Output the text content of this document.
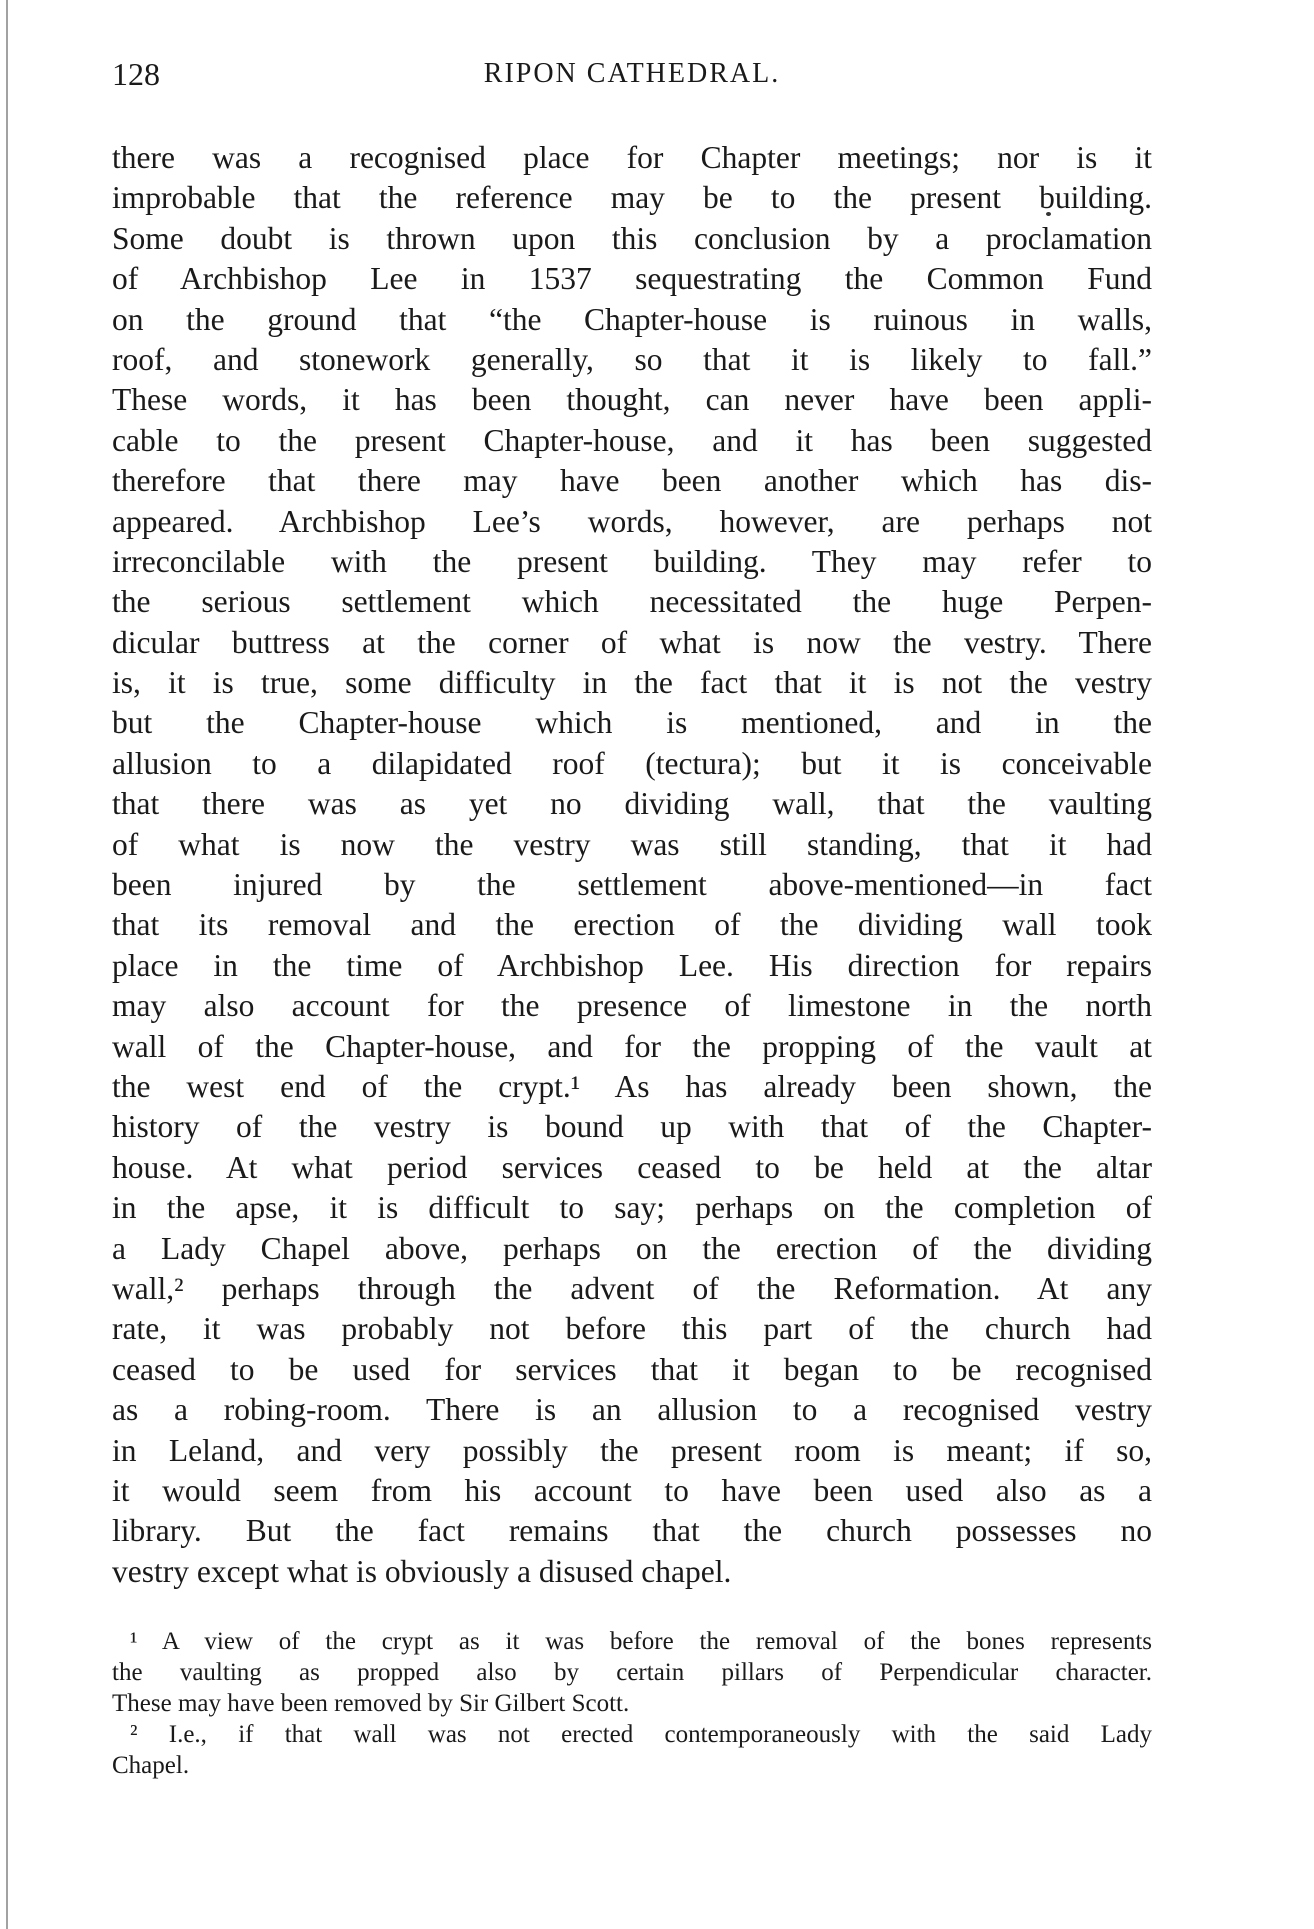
128	RIPON CATHEDRAL.
there was a recognised place for Chapter meetings; nor is it
improbable that the reference may be to the present building.
Some doubt is thrown upon this conclusion by a proclamation
of Archbishop Lee in 1537 sequestrating the Common Fund
on the ground that “the Chapter-house is ruinous in walls,
roof, and stonework generally, so that it is likely to fall.”
These words, it has been thought, can never have been appli-
cable to the present Chapter-house, and it has been suggested
therefore that there may have been another which has dis-
appeared. Archbishop Lee’s words, however, are perhaps not
irreconcilable with the present building. They may refer to
the serious settlement which necessitated the huge Perpen-
dicular buttress at the corner of what is now the vestry. There
is, it is true, some difficulty in the fact that it is not the vestry
but the Chapter-house which is mentioned, and in the
allusion to a dilapidated roof (tectura); but it is conceivable
that there was as yet no dividing wall, that the vaulting
of what is now the vestry was still standing, that it had
been injured by the settlement above-mentioned—in fact
that its removal and the erection of the dividing wall took
place in the time of Archbishop Lee. His direction for repairs
may also account for the presence of limestone in the north
wall of the Chapter-house, and for the propping of the vault at
the west end of the crypt.¹ As has already been shown, the
history of the vestry is bound up with that of the Chapter-
house. At what period services ceased to be held at the altar
in the apse, it is difficult to say; perhaps on the completion of
a Lady Chapel above, perhaps on the erection of the dividing
wall,² perhaps through the advent of the Reformation. At any
rate, it was probably not before this part of the church had
ceased to be used for services that it began to be recognised
as a robing-room. There is an allusion to a recognised vestry
in Leland, and very possibly the present room is meant; if so,
it would seem from his account to have been used also as a
library. But the fact remains that the church possesses no
vestry except what is obviously a disused chapel.
¹ A view of the crypt as it was before the removal of the bones represents
the vaulting as propped also by certain pillars of Perpendicular character.
These may have been removed by Sir Gilbert Scott.
² I.e., if that wall was not erected contemporaneously with the said Lady
Chapel.
